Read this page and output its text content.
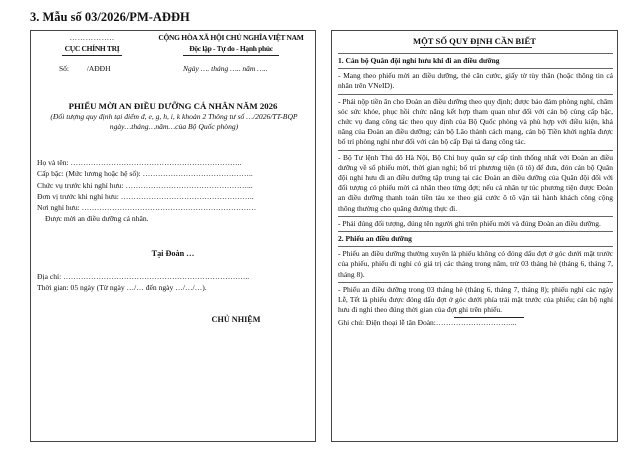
3. Mẫu số 03/2026/PM-AĐĐH
……………..
CỤC CHÍNH TRỊ
CỘNG HÒA XÃ HỘI CHỦ NGHĨA VIỆT NAM
Độc lập - Tự do - Hạnh phúc
Số: /AĐĐH	Ngày …. tháng ….. năm …..
PHIẾU MỜI AN ĐIỀU DƯỠNG CÁ NHÂN NĂM 2026
(Đối tượng quy định tại điểm đ, e, g, h, i, k khoản 2 Thông tư số …/2026/TT-BQP ngày…tháng…năm…của Bộ Quốc phòng)
Họ và tên: …………………………………………………………..
Cấp bậc: (Mức lương hoặc hệ số): ……………………………………..
Chức vụ trước khi nghỉ hưu: …………………………………………...
Đơn vị trước khi nghỉ hưu: ……………………………………………..
Nơi nghỉ hưu: ……………………………………………………………
Được mời an điều dưỡng cá nhân.
Tại Đoàn …
Địa chỉ: ………………………………………………………………..
Thời gian: 05 ngày (Từ ngày …/… đến ngày …/…/…).
CHỦ NHIỆM
MỘT SỐ QUY ĐỊNH CẦN BIẾT

1. Cán bộ Quân đội nghỉ hưu khi đi an điều dưỡng

- Mang theo phiếu mời an điều dưỡng, thẻ căn cước, giấy tờ tùy thân (hoặc thông tin cá nhân trên VNeID).

- Phải nộp tiền ăn cho Đoàn an điều dưỡng theo quy định; được bảo đảm phòng nghỉ, chăm sóc sức khỏe, phục hồi chức năng kết hợp tham quan như đối với cán bộ cùng cấp bậc, chức vụ đang công tác theo quy định của Bộ Quốc phòng và phù hợp với điều kiện, khả năng của Đoàn an điều dưỡng; cán bộ Lão thành cách mạng, cán bộ Tiền khởi nghĩa được bố trí phòng nghỉ như đối với cán bộ cấp Đại tá đang công tác.

- Bộ Tư lệnh Thủ đô Hà Nội, Bộ Chỉ huy quân sự cấp tỉnh thống nhất với Đoàn an điều dưỡng về số phiếu mời, thời gian nghỉ; bố trí phương tiện (ô tô) để đưa, đón cán bộ Quân đội nghỉ hưu đi an điều dưỡng tập trung tại các Đoàn an điều dưỡng của Quân đội đối với đối tượng có phiếu mời cá nhân theo từng đợt; nếu cá nhân tự túc phương tiện được Đoàn an điều dưỡng thanh toán tiền tàu xe theo giá cước ô tô vận tải hành khách công cộng thông thường cho quãng đường thực đi.

- Phải đúng đối tượng, đúng tên người ghi trên phiếu mời và đúng Đoàn an điều dưỡng.

2. Phiếu an điều dưỡng

- Phiếu an điều dưỡng thường xuyên là phiếu không có đóng dấu đợt ở góc dưới mặt trước của phiếu, phiếu đi nghỉ có giá trị các tháng trong năm, trừ 03 tháng hè (tháng 6, tháng 7, tháng 8).

- Phiếu an điều dưỡng trong 03 tháng hè (tháng 6, tháng 7, tháng 8); phiếu nghỉ các ngày Lễ, Tết là phiếu được đóng dấu đợt ở góc dưới phía trái mặt trước của phiếu; cán bộ nghỉ hưu đi nghỉ theo đúng thời gian của đợt ghi trên phiếu.

Ghi chú: Điện thoại lễ tân Đoàn:…………………………...
